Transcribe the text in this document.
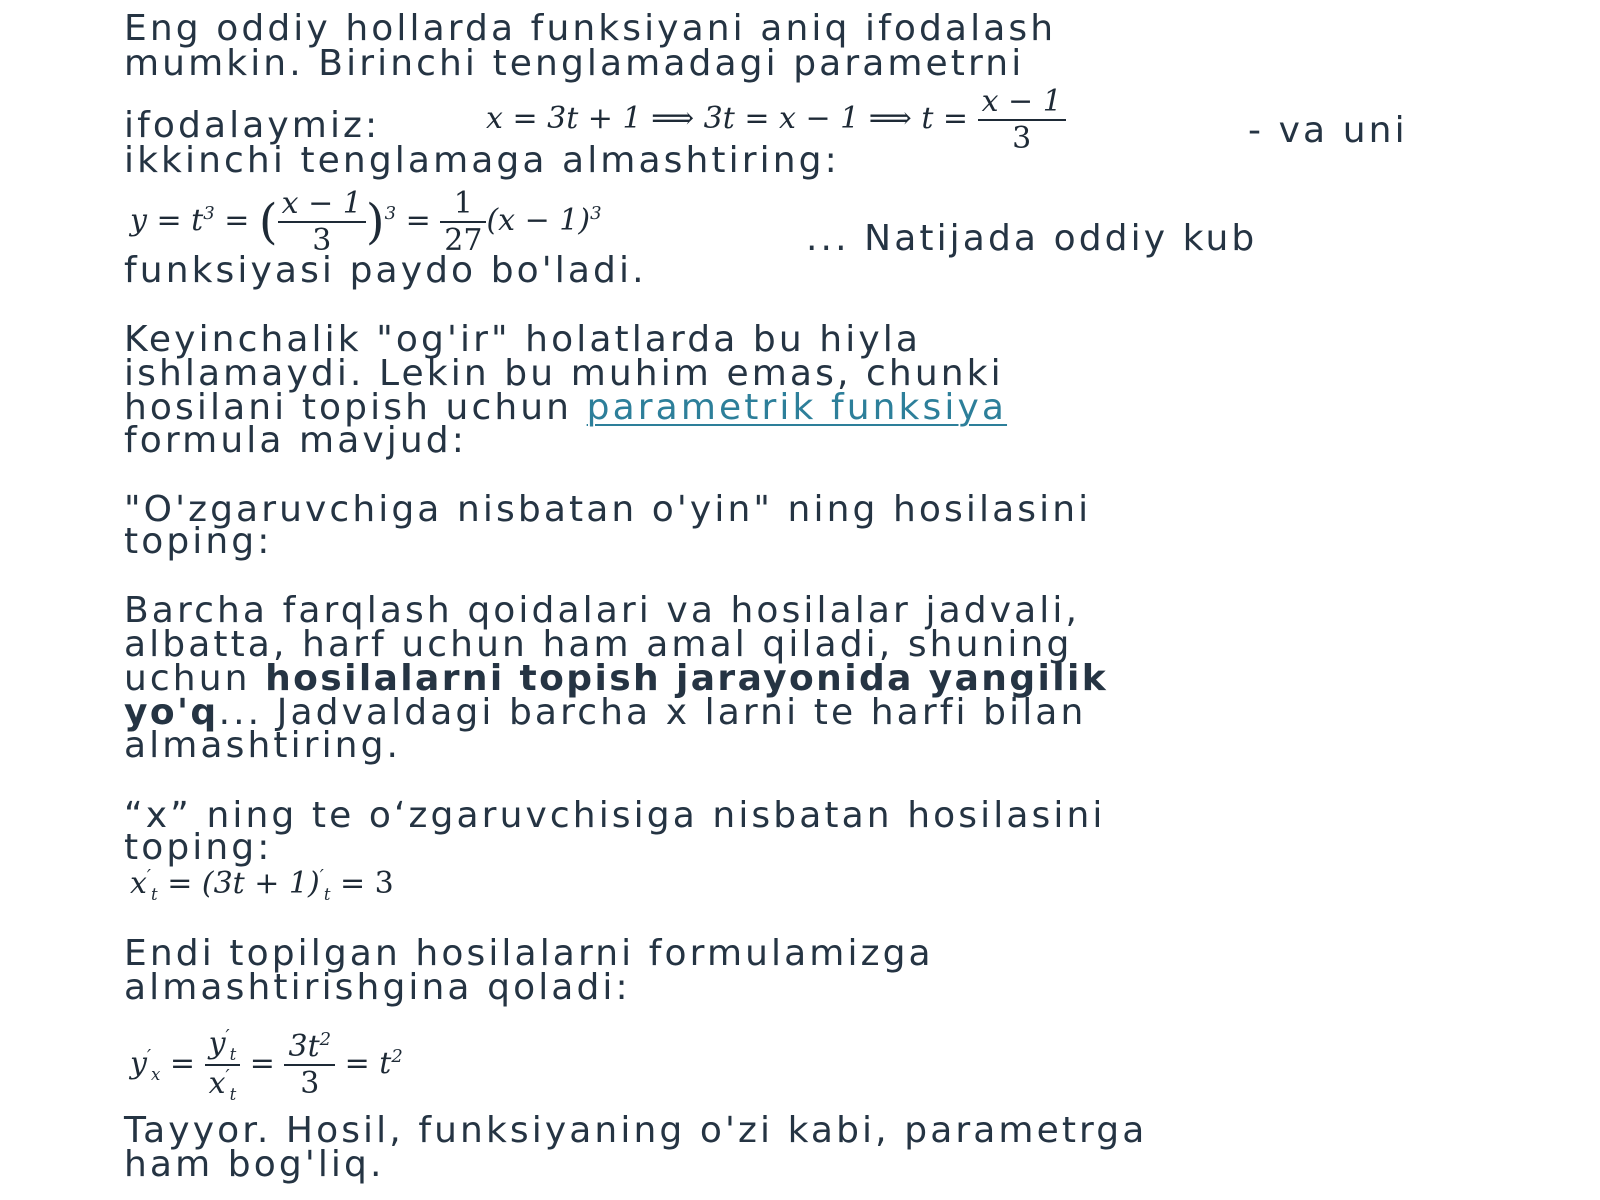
Eng oddiy hollarda funksiyani aniq ifodalash
mumkin. Birinchi tenglamadagi parametrni
ifodalaymiz:	x = 3t + 1 ⟹ 3t = x − 1 ⟹ $t = \frac{x - 1}{3}$	- va uni
ikkinchi tenglamaga almashtiring:
$y = t^3$ = ( $\frac{x - 1}{3} )^3 = \frac{1}{27} (x - 1)^3$
... Natijada oddiy kub
funksiyasi paydo bo'ladi.
Keyinchalik "og'ir" holatlarda bu hiyla
ishlamaydi. Lekin bu muhim emas, chunki
hosilani topish uchun parametrik funksiya
formula mavjud:
"O'zgaruvchiga nisbatan o'yin" ning hosilasini
toping:
Barcha farqlash qoidalari va hosilalar jadvali,
albatta, harf uchun ham amal qiladi, shuning
uchun hosilalarni topish jarayonida yangilik
yo'q... Jadvaldagi barcha x larni te harfi bilan
almashtiring.
“x” ning te oʻzgaruvchisiga nisbatan hosilasini
toping:
$x'_t = (3t + 1)'_t = 3$
Endi topilgan hosilalarni formulamizga
almashtirishgina qoladi:
$y'_x = \frac{y'_t}{x'_t} = \frac{3t^2}{3} = t^2$
Tayyor. Hosil, funksiyaning o'zi kabi, parametrga
ham bog'liq.
